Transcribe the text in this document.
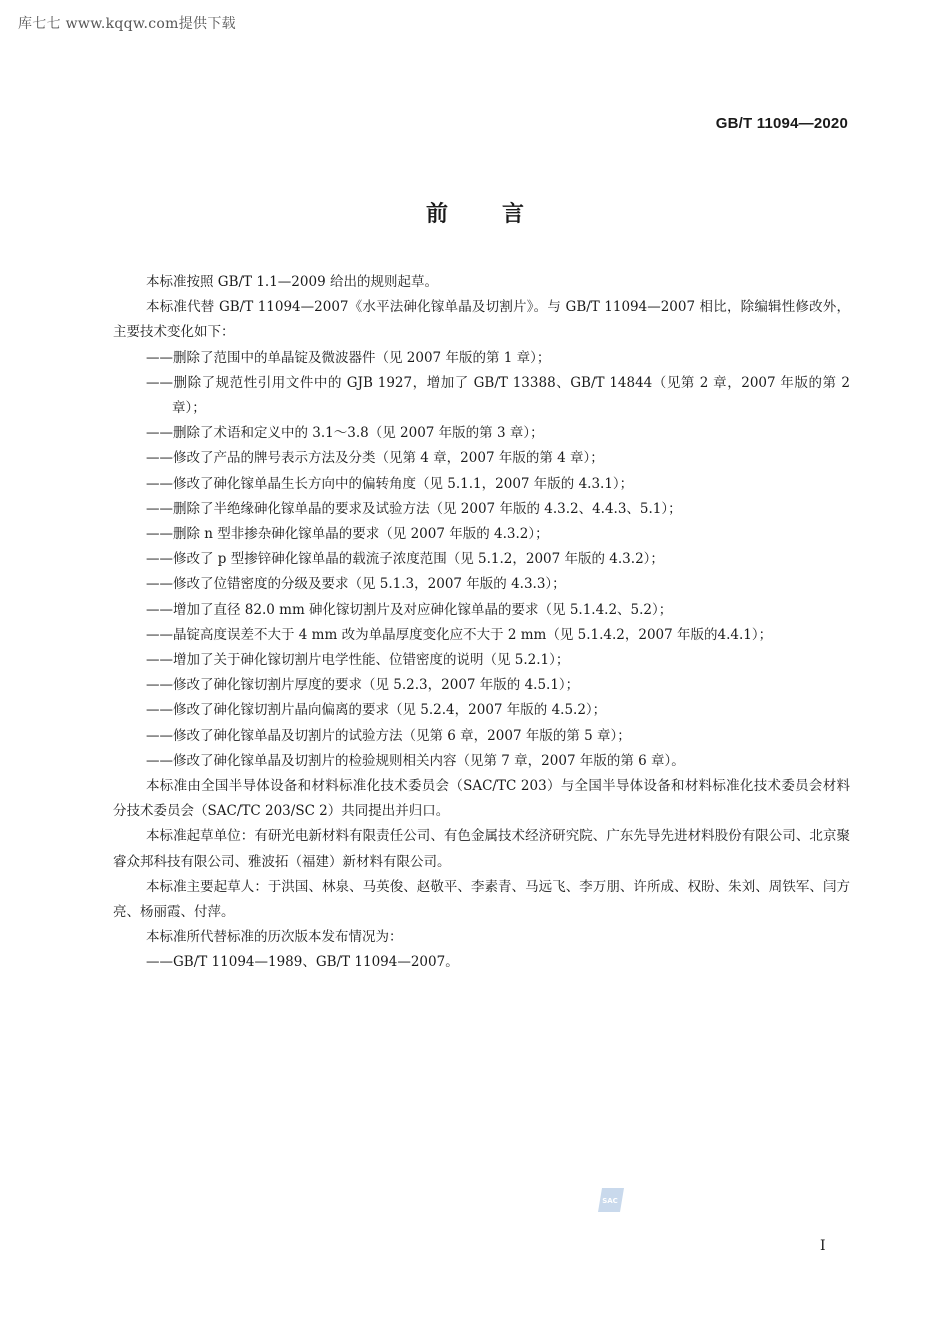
库七七 www.kqqw.com提供下载
GB/T 11094—2020
前 言
本标准按照 GB/T 1.1—2009 给出的规则起草。
本标准代替 GB/T 11094—2007《水平法砷化镓单晶及切割片》。与 GB/T 11094—2007 相比，除编辑性修改外，主要技术变化如下：
——删除了范围中的单晶锭及微波器件（见 2007 年版的第 1 章）；
——删除了规范性引用文件中的 GJB 1927，增加了 GB/T 13388、GB/T 14844（见第 2 章，2007 年版的第 2 章）；
——删除了术语和定义中的 3.1～3.8（见 2007 年版的第 3 章）；
——修改了产品的牌号表示方法及分类（见第 4 章，2007 年版的第 4 章）；
——修改了砷化镓单晶生长方向中的偏转角度（见 5.1.1，2007 年版的 4.3.1）；
——删除了半绝缘砷化镓单晶的要求及试验方法（见 2007 年版的 4.3.2、4.4.3、5.1）；
——删除 n 型非掺杂砷化镓单晶的要求（见 2007 年版的 4.3.2）；
——修改了 p 型掺锌砷化镓单晶的载流子浓度范围（见 5.1.2，2007 年版的 4.3.2）；
——修改了位错密度的分级及要求（见 5.1.3，2007 年版的 4.3.3）；
——增加了直径 82.0 mm 砷化镓切割片及对应砷化镓单晶的要求（见 5.1.4.2、5.2）；
——晶锭高度误差不大于 4 mm 改为单晶厚度变化应不大于 2 mm（见 5.1.4.2，2007 年版的4.4.1）；
——增加了关于砷化镓切割片电学性能、位错密度的说明（见 5.2.1）；
——修改了砷化镓切割片厚度的要求（见 5.2.3，2007 年版的 4.5.1）；
——修改了砷化镓切割片晶向偏离的要求（见 5.2.4，2007 年版的 4.5.2）；
——修改了砷化镓单晶及切割片的试验方法（见第 6 章，2007 年版的第 5 章）；
——修改了砷化镓单晶及切割片的检验规则相关内容（见第 7 章，2007 年版的第 6 章）。
本标准由全国半导体设备和材料标准化技术委员会（SAC/TC 203）与全国半导体设备和材料标准化技术委员会材料分技术委员会（SAC/TC 203/SC 2）共同提出并归口。
本标准起草单位：有研光电新材料有限责任公司、有色金属技术经济研究院、广东先导先进材料股份有限公司、北京聚睿众邦科技有限公司、雅波拓（福建）新材料有限公司。
本标准主要起草人：于洪国、林泉、马英俊、赵敬平、李素青、马远飞、李万朋、许所成、权盼、朱刘、周铁军、闫方亮、杨丽霞、付萍。
本标准所代替标准的历次版本发布情况为：
——GB/T 11094—1989、GB/T 11094—2007。
SAC
I
